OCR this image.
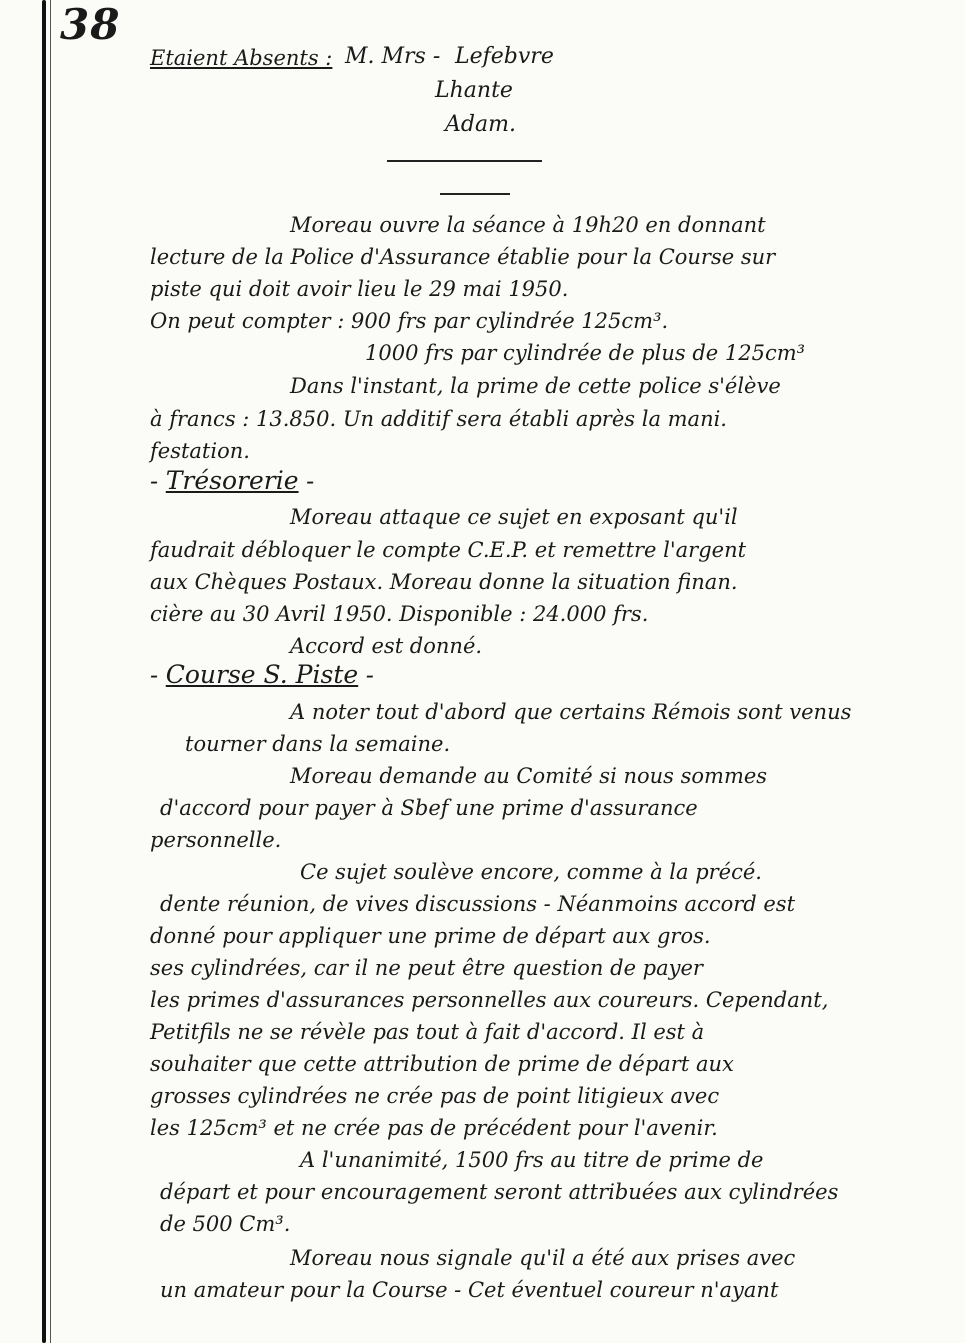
38
Etaient Absents : M. Mrs - Lefebvre
Lhante
Adam.
Moreau ouvre la séance à 19h20 en donnant
lecture de la Police d'Assurance établie pour la Course sur
piste qui doit avoir lieu le 29 mai 1950.
On peut compter : 900 frs par cylindrée 125cm³.
1000 frs par cylindrée de plus de 125cm³
Dans l'instant, la prime de cette police s'élève
à francs : 13.850. Un additif sera établi après la mani.
festation.
- Trésorerie -
Moreau attaque ce sujet en exposant qu'il
faudrait débloquer le compte C.E.P. et remettre l'argent
aux Chèques Postaux. Moreau donne la situation finan.
cière au 30 Avril 1950. Disponible : 24.000 frs.
Accord est donné.
- Course S. Piste -
A noter tout d'abord que certains Rémois sont venus
tourner dans la semaine.
Moreau demande au Comité si nous sommes
d'accord pour payer à Sbef une prime d'assurance
personnelle.
Ce sujet soulève encore, comme à la précé.
dente réunion, de vives discussions - Néanmoins accord est
donné pour appliquer une prime de départ aux gros.
ses cylindrées, car il ne peut être question de payer
les primes d'assurances personnelles aux coureurs. Cependant,
Petitfils ne se révèle pas tout à fait d'accord. Il est à
souhaiter que cette attribution de prime de départ aux
grosses cylindrées ne crée pas de point litigieux avec
les 125cm³ et ne crée pas de précédent pour l'avenir.
A l'unanimité, 1500 frs au titre de prime de
départ et pour encouragement seront attribuées aux cylindrées
de 500 Cm³.
Moreau nous signale qu'il a été aux prises avec
un amateur pour la Course - Cet éventuel coureur n'ayant
